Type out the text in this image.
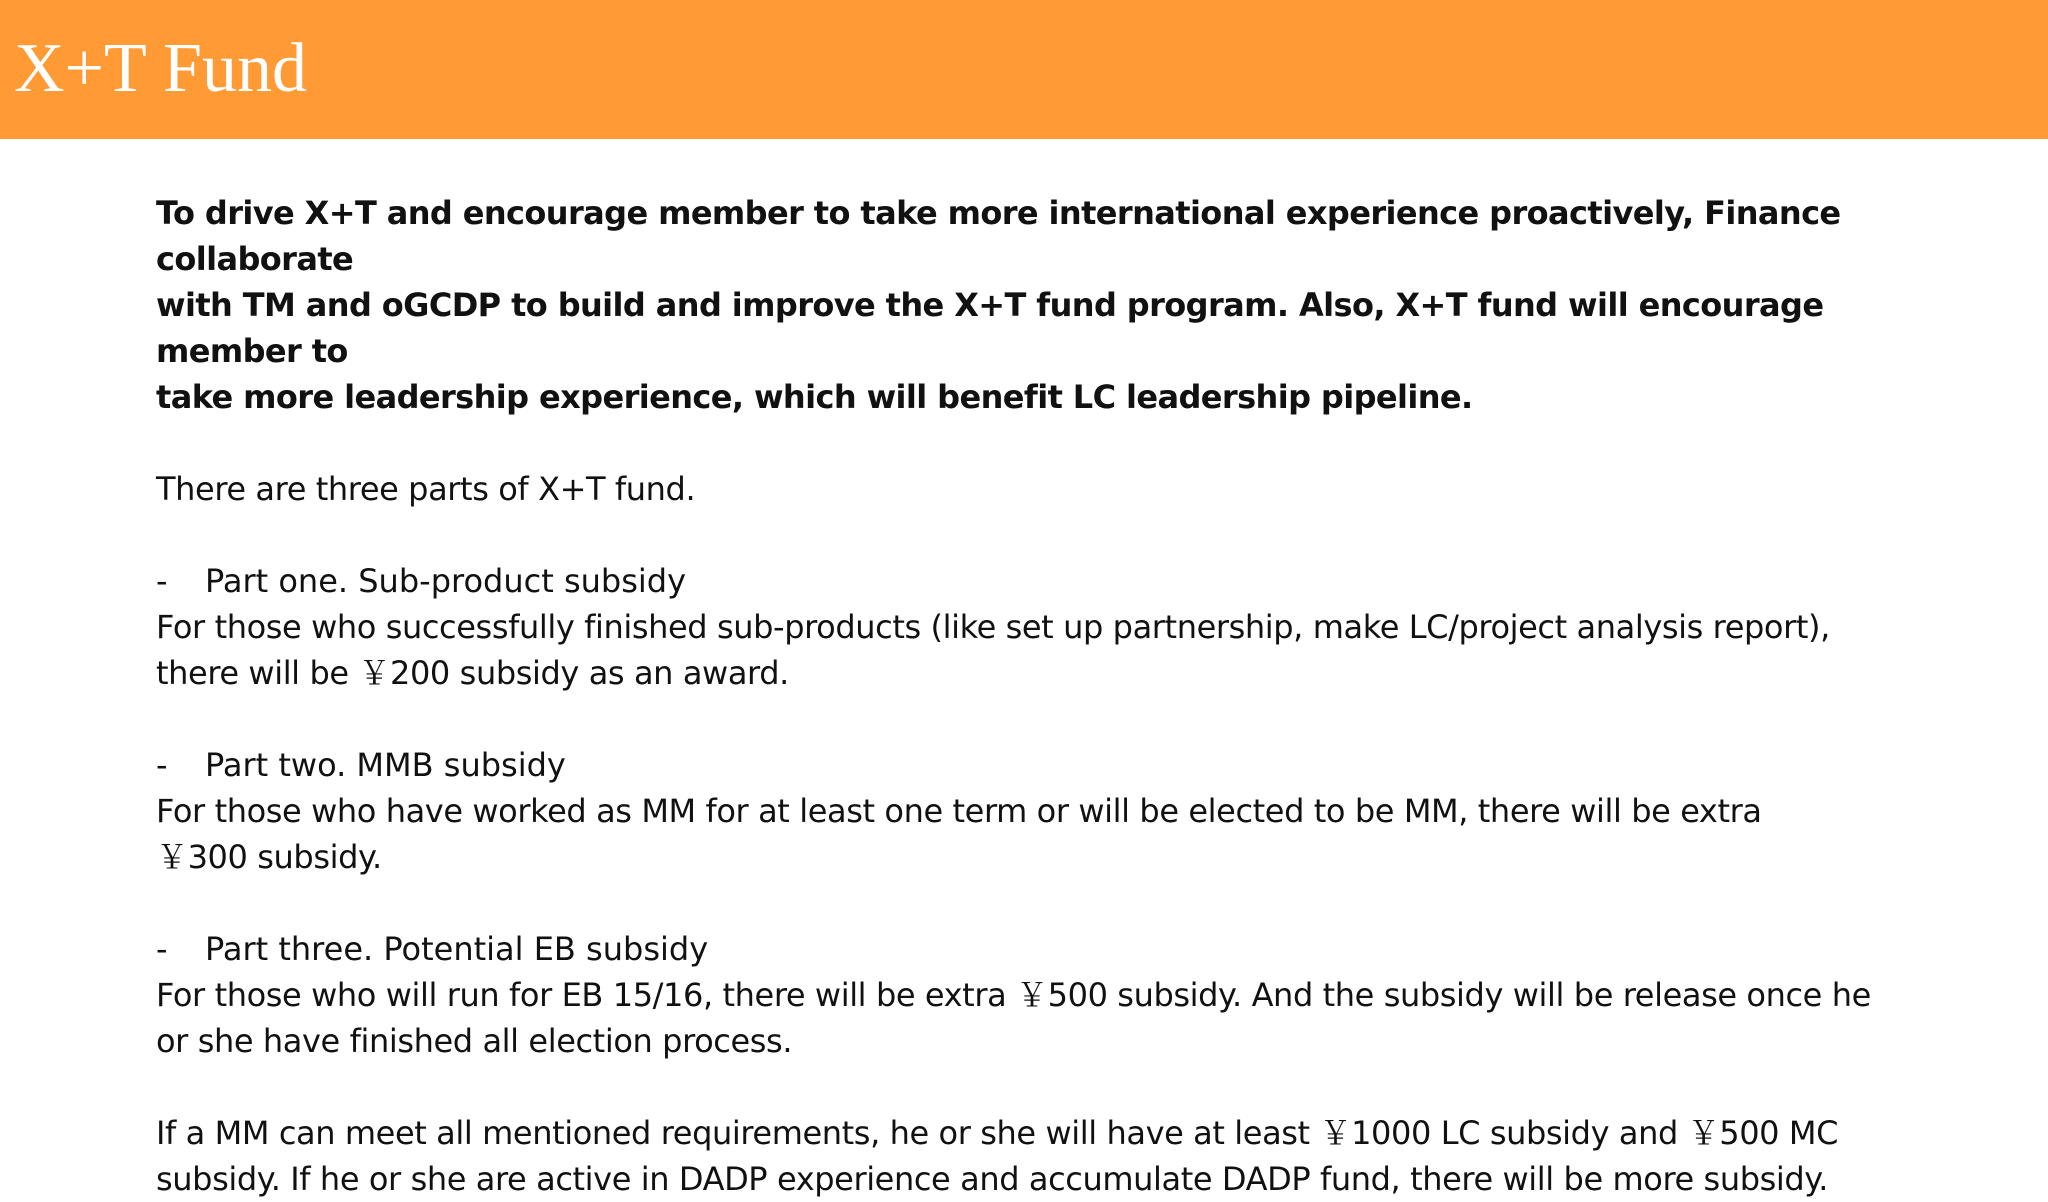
X+T Fund

To drive X+T and encourage member to take more international experience proactively, Finance collaborate

with TM and oGCDP to build and improve the X+T fund program. Also, X+T fund will encourage member to

take more leadership experience, which will benefit LC leadership pipeline.

There are three parts of X+T fund.

- Part one. Sub-product subsidy

For those who successfully finished sub-products (like set up partnership, make LC/project analysis report),

there will be ￥200 subsidy as an award.

- Part two. MMB subsidy

For those who have worked as MM for at least one term or will be elected to be MM, there will be extra

￥300 subsidy.

- Part three. Potential EB subsidy

For those who will run for EB 15/16, there will be extra ￥500 subsidy. And the subsidy will be release once he

or she have finished all election process.

If a MM can meet all mentioned requirements, he or she will have at least ￥1000 LC subsidy and ￥500 MC

subsidy. If he or she are active in DADP experience and accumulate DADP fund, there will be more subsidy.
